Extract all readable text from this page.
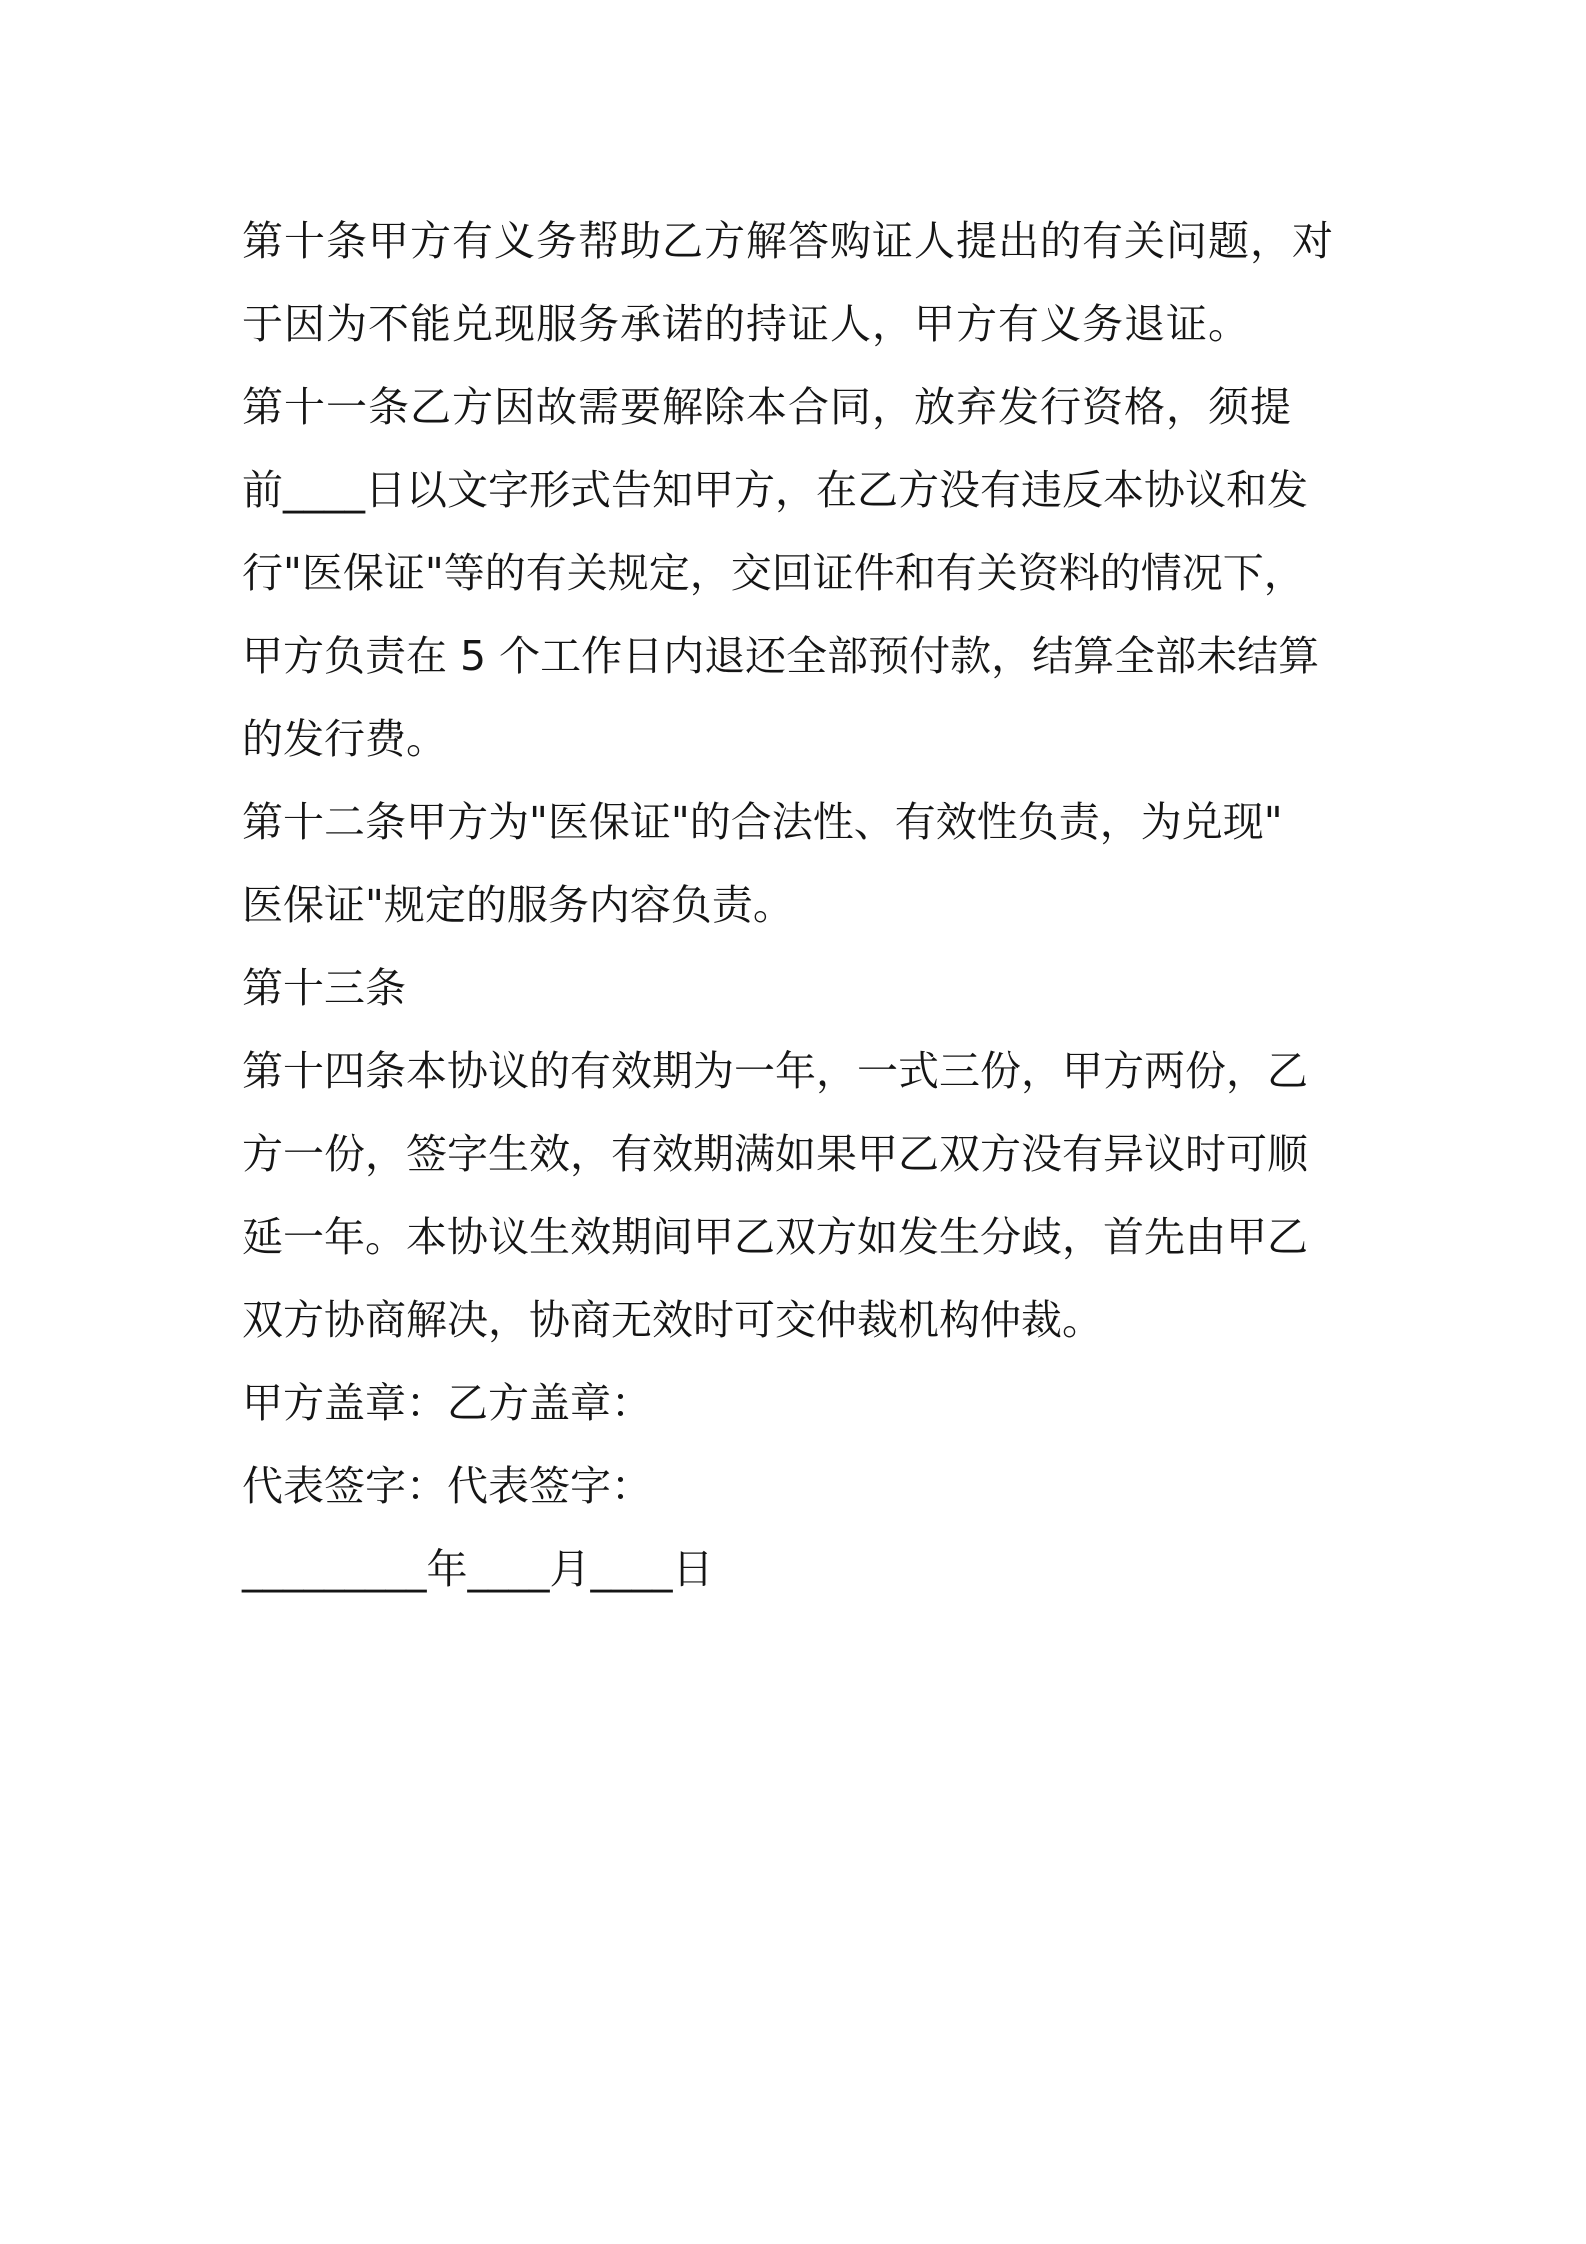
第十条甲方有义务帮助乙方解答购证人提出的有关问题，对
于因为不能兑现服务承诺的持证人，甲方有义务退证。
第十一条乙方因故需要解除本合同，放弃发行资格，须提
前____日以文字形式告知甲方，在乙方没有违反本协议和发
行"医保证"等的有关规定，交回证件和有关资料的情况下，
甲方负责在 5 个工作日内退还全部预付款，结算全部未结算
的发行费。
第十二条甲方为"医保证"的合法性、有效性负责，为兑现"
医保证"规定的服务内容负责。
第十三条
第十四条本协议的有效期为一年，一式三份，甲方两份，乙
方一份，签字生效，有效期满如果甲乙双方没有异议时可顺
延一年。本协议生效期间甲乙双方如发生分歧，首先由甲乙
双方协商解决，协商无效时可交仲裁机构仲裁。
甲方盖章：乙方盖章：
代表签字：代表签字：
_________年____月____日
